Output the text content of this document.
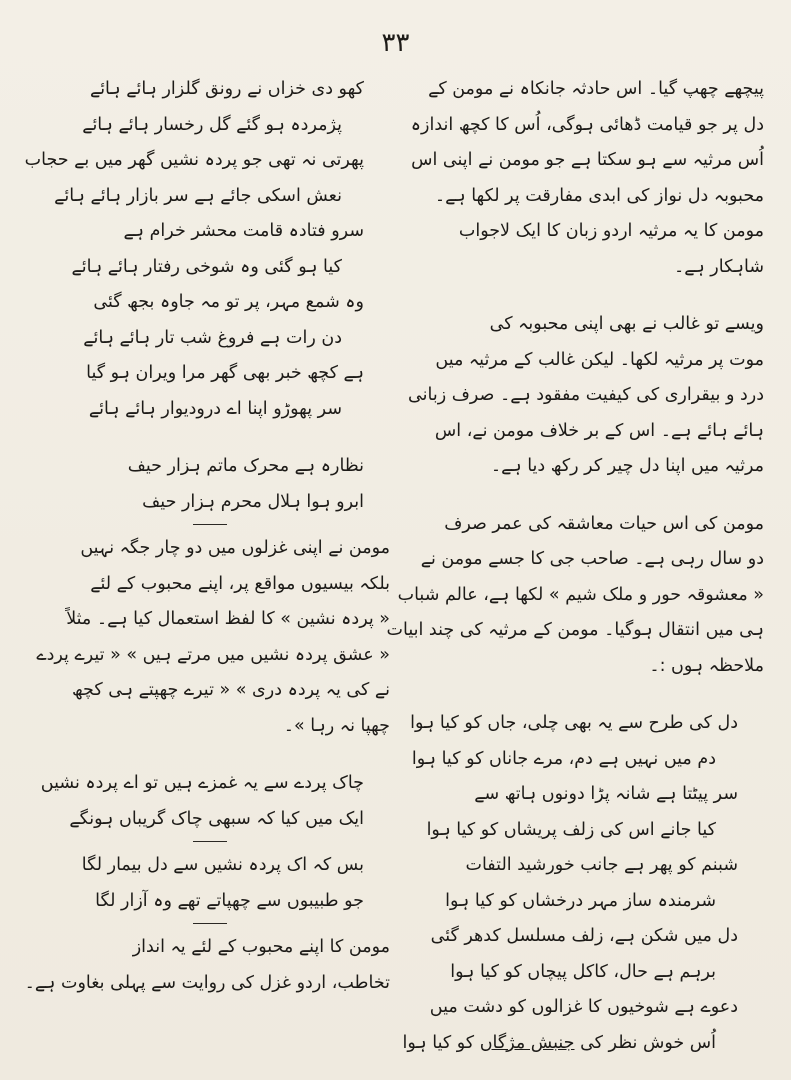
۳۳
پیچھے چھپ گیا۔ اس حادثہ جانکاہ نے مومن کے
دل پر جو قیامت ڈھائی ہوگی، اُس کا کچھ اندازہ
اُس مرثیہ سے ہو سکتا ہے جو مومن نے اپنی اس
محبوبہ دل نواز کی ابدی مفارقت پر لکھا ہے۔
مومن کا یہ مرثیہ اردو زبان کا ایک لاجواب
شاہکار ہے۔
ویسے تو غالب نے بھی اپنی محبوبہ کی
موت پر مرثیہ لکھا۔ لیکن غالب کے مرثیہ میں
درد و بیقراری کی کیفیت مفقود ہے۔ صرف زبانی
ہائے ہائے ہے۔ اس کے بر خلاف مومن نے، اس
مرثیہ میں اپنا دل چیر کر رکھ دیا ہے۔
مومن کی اس حیات معاشقہ کی عمر صرف
دو سال رہی ہے۔ صاحب جی کا جسے مومن نے
« معشوقہ حور و ملک شیم » لکھا ہے، عالم شباب
ہی میں انتقال ہوگیا۔ مومن کے مرثیہ کی چند ابیات
ملاحظہ ہوں :۔
دل کی طرح سے یہ بھی چلی، جاں کو کیا ہوا
دم میں نہیں ہے دم، مرے جاناں کو کیا ہوا
سر پیٹتا ہے شانہ پڑا دونوں ہاتھ سے
کیا جانے اس کی زلف پریشاں کو کیا ہوا
شبنم کو پھر ہے جانب خورشید التفات
شرمندہ ساز مہر درخشاں کو کیا ہوا
دل میں شکن ہے، زلف مسلسل کدھر گئی
برہم ہے حال، کاکل پیچاں کو کیا ہوا
دعوے ہے شوخیوں کا غزالوں کو دشت میں
اُس خوش نظر کی جنبش مژگاں کو کیا ہوا
کھو دی خزاں نے رونق گلزار ہائے ہائے
پژمردہ ہو گئے گل رخسار ہائے ہائے
پھرتی نہ تھی جو پردہ نشیں گھر میں بے حجاب
نعش اسکی جائے ہے سر بازار ہائے ہائے
سرو فتادہ قامت محشر خرام ہے
کیا ہو گئی وہ شوخی رفتار ہائے ہائے
وہ شمع مہر، پر تو مہ جاوہ بجھ گئی
دن رات ہے فروغ شب تار ہائے ہائے
ہے کچھ خبر بھی گھر مرا ویران ہو گیا
سر پھوڑو اپنا اے درودیوار ہائے ہائے
نظارہ ہے محرک ماتم ہزار حیف
ابرو ہوا ہلال محرم ہزار حیف
مومن نے اپنی غزلوں میں دو چار جگہ نہیں
بلکہ بیسیوں مواقع پر، اپنے محبوب کے لئے
« پردہ نشین » کا لفظ استعمال کیا ہے۔ مثلاً
« عشق پردہ نشیں میں مرتے ہیں » « تیرے پردے
نے کی یہ پردہ دری » « تیرے چھپتے ہی کچھ
چھپا نہ رہا »۔
چاک پردے سے یہ غمزے ہیں تو اے پردہ نشیں
ایک میں کیا کہ سبھی چاک گریباں ہونگے
بس کہ اک پردہ نشیں سے دل بیمار لگا
جو طبیبوں سے چھپاتے تھے وہ آزار لگا
مومن کا اپنے محبوب کے لئے یہ انداز
تخاطب، اردو غزل کی روایت سے پہلی بغاوت ہے۔
